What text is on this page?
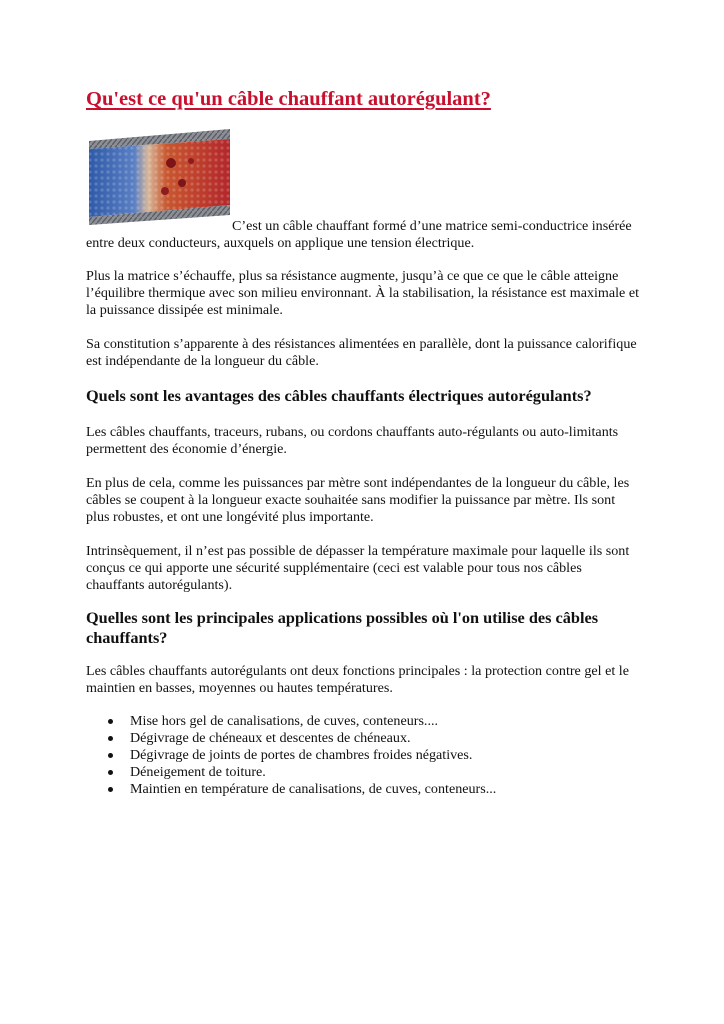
Qu'est ce qu'un câble chauffant autorégulant?

C’est un câble chauffant formé d’une matrice semi-conductrice insérée entre deux conducteurs, auxquels on applique une tension électrique.

Plus la matrice s’échauffe, plus sa résistance augmente, jusqu’à ce que ce que le câble atteigne l’équilibre thermique avec son milieu environnant. À la stabilisation, la résistance est maximale et la puissance dissipée est minimale.

Sa constitution s’apparente à des résistances alimentées en parallèle, dont la puissance calorifique est indépendante de la longueur du câble.

Quels sont les avantages des câbles chauffants électriques autorégulants?

Les câbles chauffants, traceurs, rubans, ou cordons chauffants auto-régulants ou auto-limitants permettent des économie d’énergie.

En plus de cela, comme les puissances par mètre sont indépendantes de la longueur du câble, les câbles se coupent à la longueur exacte souhaitée sans modifier la puissance par mètre. Ils sont plus robustes, et ont une longévité plus importante.

Intrinsèquement, il n’est pas possible de dépasser la température maximale pour laquelle ils sont conçus ce qui apporte une sécurité supplémentaire (ceci est valable pour tous nos câbles chauffants autorégulants).

Quelles sont les principales applications possibles où l'on utilise des câbles chauffants?

Les câbles chauffants autorégulants ont deux fonctions principales : la protection contre gel et le maintien en basses, moyennes ou hautes températures.

Mise hors gel de canalisations, de cuves, conteneurs....
Dégivrage de chéneaux et descentes de chéneaux.
Dégivrage de joints de portes de chambres froides négatives.
Déneigement de toiture.
Maintien en température de canalisations, de cuves, conteneurs...
